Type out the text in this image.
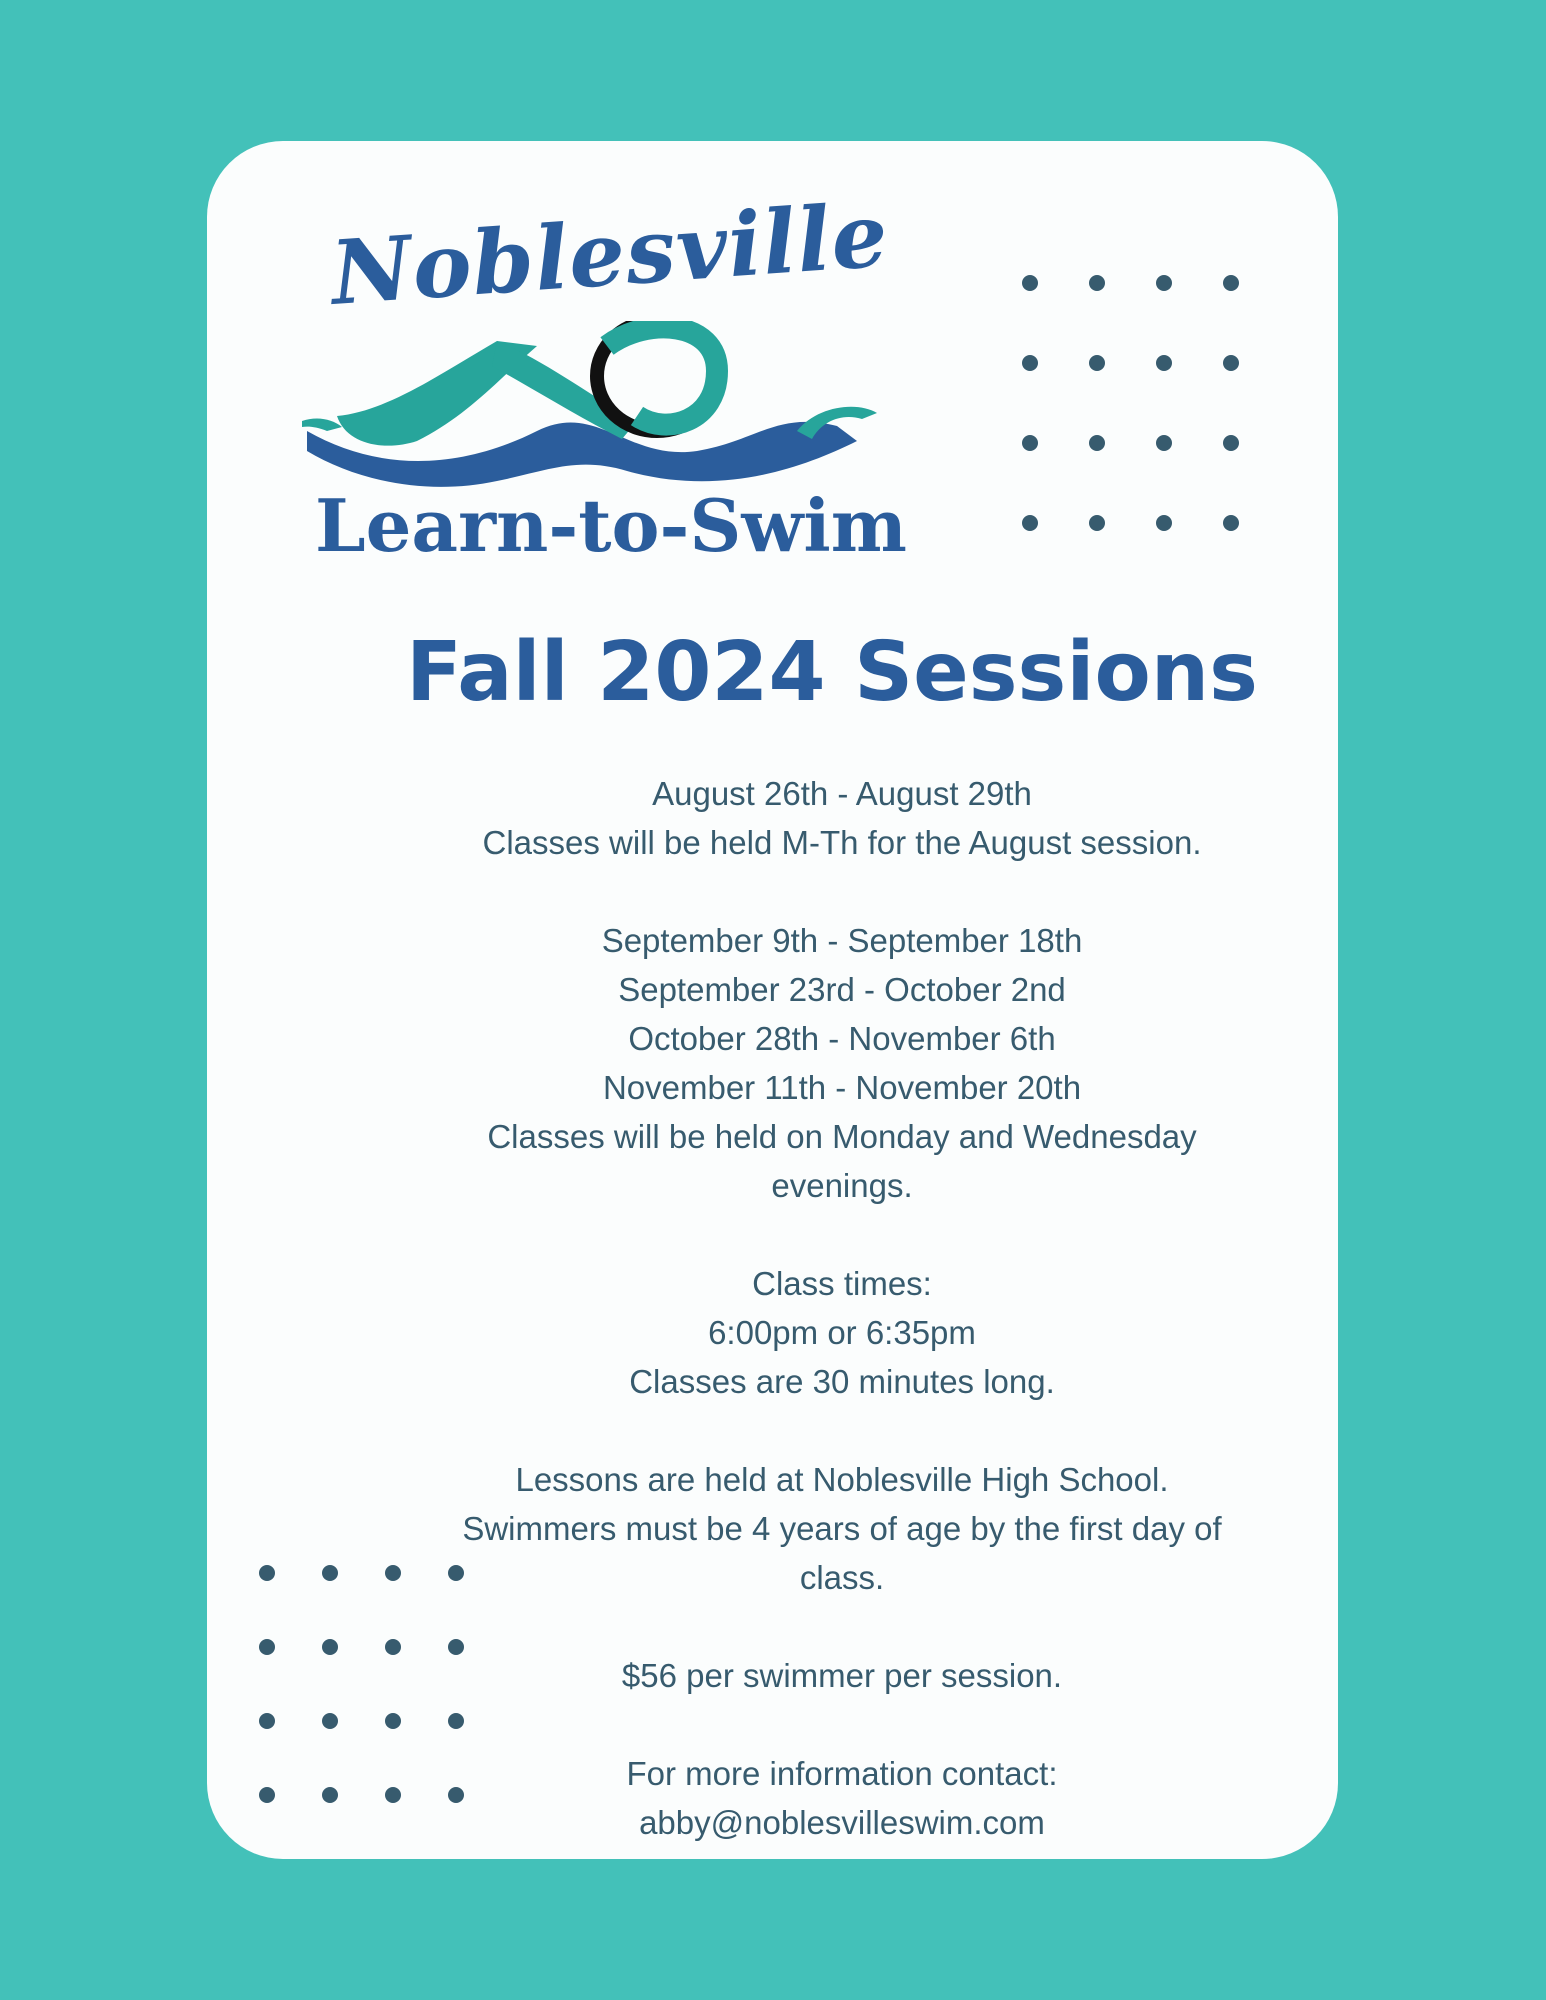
Noblesville
Learn-to-Swim
Fall 2024 Sessions
August 26th - August 29th
Classes will be held M-Th for the August session.
September 9th - September 18th
September 23rd - October 2nd
October 28th - November 6th
November 11th - November 20th
Classes will be held on Monday and Wednesday
evenings.
Class times:
6:00pm or 6:35pm
Classes are 30 minutes long.
Lessons are held at Noblesville High School.
Swimmers must be 4 years of age by the first day of
class.
$56 per swimmer per session.
For more information contact:
abby@noblesvilleswim.com
